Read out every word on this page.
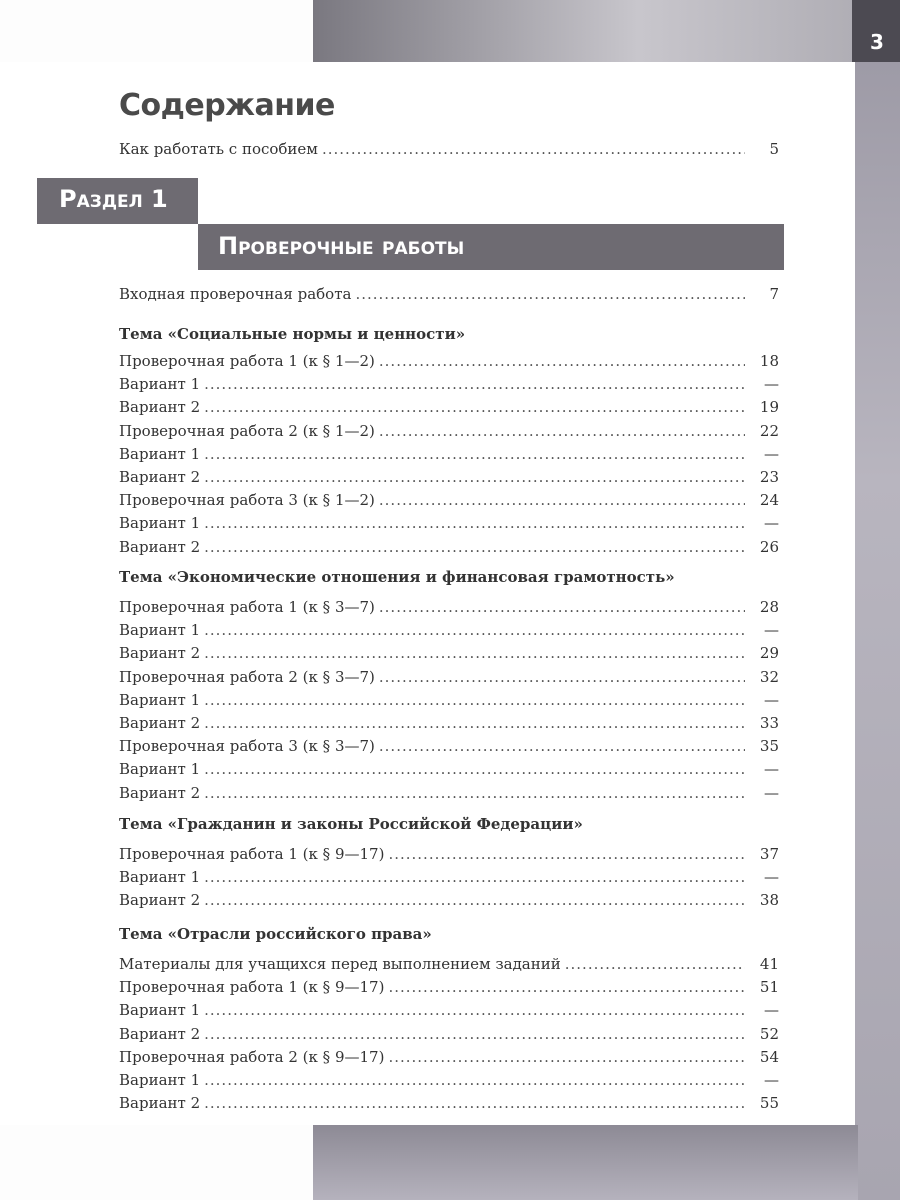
3
Содержание
Как работать с пособием .....	5
Раздел 1
Проверочные работы
Входная проверочная работа .....	7
Тема «Социальные нормы и ценности»
Проверочная работа 1 (к § 1—2) .....	18
Вариант 1 .....	—
Вариант 2 .....	19
Проверочная работа 2 (к § 1—2) .....	22
Вариант 1 .....	—
Вариант 2 .....	23
Проверочная работа 3 (к § 1—2) .....	24
Вариант 1 .....	—
Вариант 2 .....	26
Тема «Экономические отношения и финансовая грамотность»
Проверочная работа 1 (к § 3—7) .....	28
Вариант 1 .....	—
Вариант 2 .....	29
Проверочная работа 2 (к § 3—7) .....	32
Вариант 1 .....	—
Вариант 2 .....	33
Проверочная работа 3 (к § 3—7) .....	35
Вариант 1 .....	—
Вариант 2 .....	—
Тема «Гражданин и законы Российской Федерации»
Проверочная работа 1 (к § 9—17) .....	37
Вариант 1 .....	—
Вариант 2 .....	38
Тема «Отрасли российского права»
Материалы для учащихся перед выполнением заданий .....	41
Проверочная работа 1 (к § 9—17) .....	51
Вариант 1 .....	—
Вариант 2 .....	52
Проверочная работа 2 (к § 9—17) .....	54
Вариант 1 .....	—
Вариант 2 .....	55
